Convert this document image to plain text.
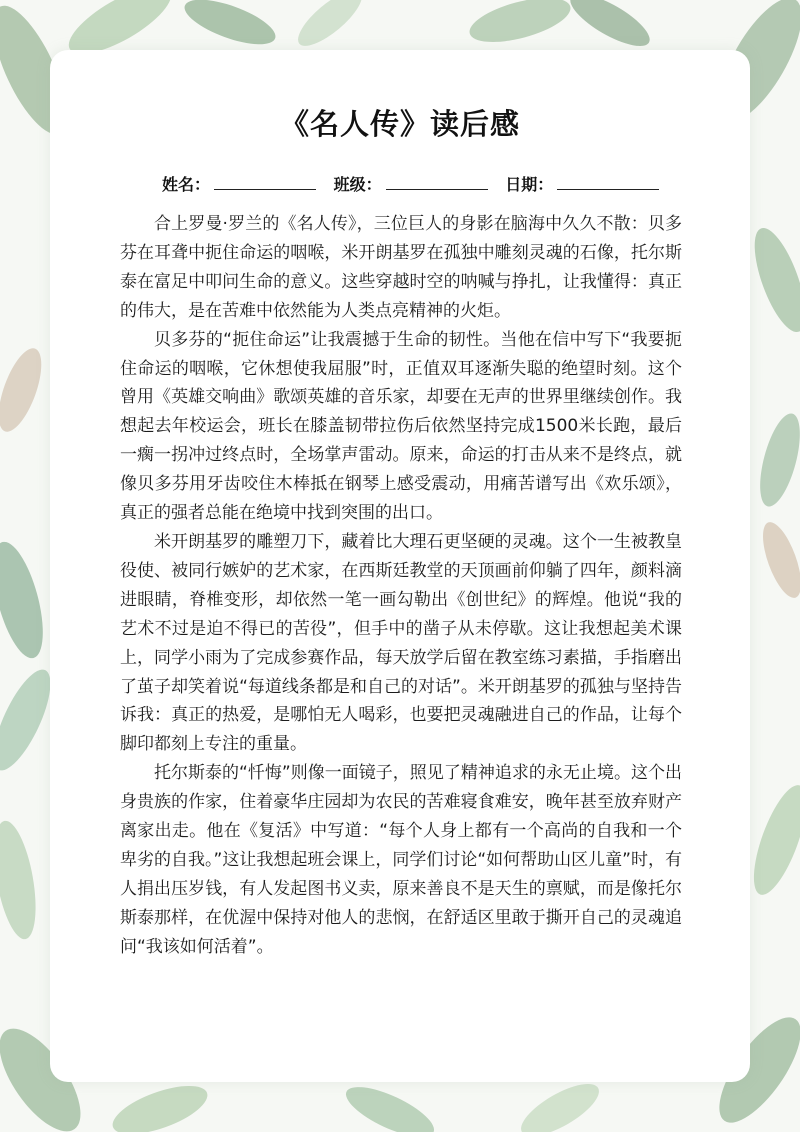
《名人传》读后感
姓名：	班级：	日期：

合上罗曼·罗兰的《名人传》，三位巨人的身影在脑海中久久不散：贝多芬在耳聋中扼住命运的咽喉，米开朗基罗在孤独中雕刻灵魂的石像，托尔斯泰在富足中叩问生命的意义。这些穿越时空的呐喊与挣扎，让我懂得：真正的伟大，是在苦难中依然能为人类点亮精神的火炬。

贝多芬的“扼住命运”让我震撼于生命的韧性。当他在信中写下“我要扼住命运的咽喉，它休想使我屈服”时，正值双耳逐渐失聪的绝望时刻。这个曾用《英雄交响曲》歌颂英雄的音乐家，却要在无声的世界里继续创作。我想起去年校运会，班长在膝盖韧带拉伤后依然坚持完成1500米长跑，最后一瘸一拐冲过终点时，全场掌声雷动。原来，命运的打击从来不是终点，就像贝多芬用牙齿咬住木棒抵在钢琴上感受震动，用痛苦谱写出《欢乐颂》，真正的强者总能在绝境中找到突围的出口。

米开朗基罗的雕塑刀下，藏着比大理石更坚硬的灵魂。这个一生被教皇役使、被同行嫉妒的艺术家，在西斯廷教堂的天顶画前仰躺了四年，颜料滴进眼睛，脊椎变形，却依然一笔一画勾勒出《创世纪》的辉煌。他说“我的艺术不过是迫不得已的苦役”，但手中的凿子从未停歇。这让我想起美术课上，同学小雨为了完成参赛作品，每天放学后留在教室练习素描，手指磨出了茧子却笑着说“每道线条都是和自己的对话”。米开朗基罗的孤独与坚持告诉我：真正的热爱，是哪怕无人喝彩，也要把灵魂融进自己的作品，让每个脚印都刻上专注的重量。

托尔斯泰的“忏悔”则像一面镜子，照见了精神追求的永无止境。这个出身贵族的作家，住着豪华庄园却为农民的苦难寝食难安，晚年甚至放弃财产离家出走。他在《复活》中写道：“每个人身上都有一个高尚的自我和一个卑劣的自我。”这让我想起班会课上，同学们讨论“如何帮助山区儿童”时，有人捐出压岁钱，有人发起图书义卖，原来善良不是天生的禀赋，而是像托尔斯泰那样，在优渥中保持对他人的悲悯，在舒适区里敢于撕开自己的灵魂追问“我该如何活着”。
